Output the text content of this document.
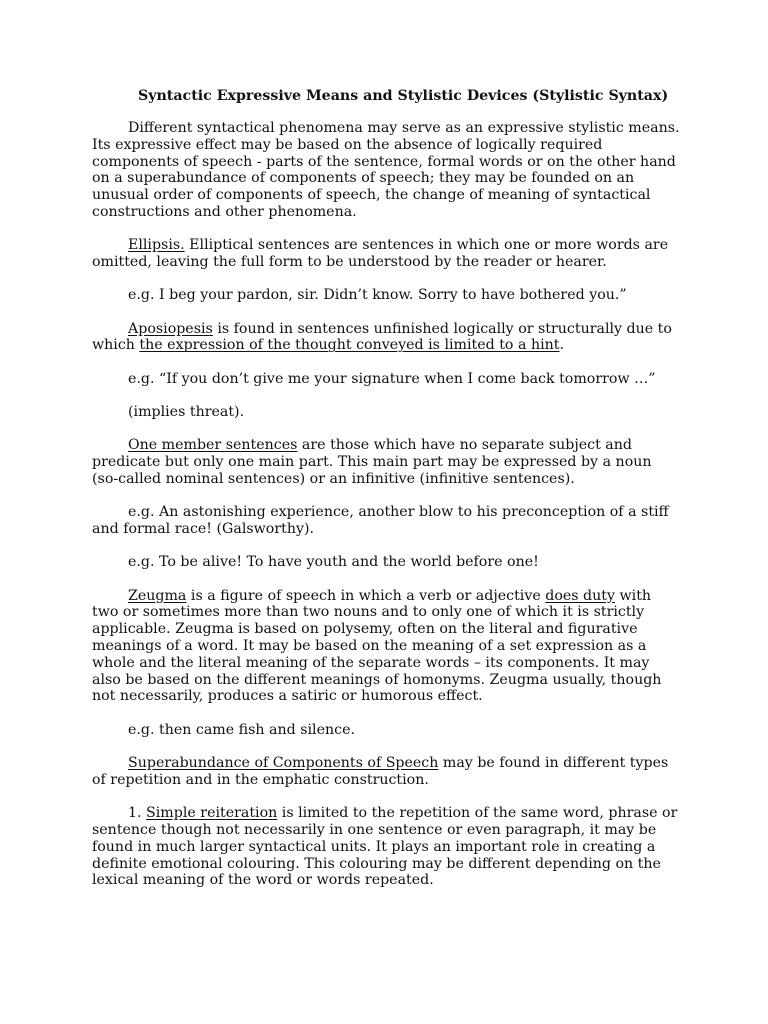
Syntactic Expressive Means and Stylistic Devices (Stylistic Syntax)

Different syntactical phenomena may serve as an expressive stylistic means. Its expressive effect may be based on the absence of logically required components of speech - parts of the sentence, formal words or on the other hand on a superabundance of components of speech; they may be founded on an unusual order of components of speech, the change of meaning of syntactical constructions and other phenomena.

Ellipsis. Elliptical sentences are sentences in which one or more words are omitted, leaving the full form to be understood by the reader or hearer.

e.g. I beg your pardon, sir. Didn’t know. Sorry to have bothered you.”

Aposiopesis is found in sentences unfinished logically or structurally due to which the expression of the thought conveyed is limited to a hint.

e.g. “If you don’t give me your signature when I come back tomorrow …”

(implies threat).

One member sentences are those which have no separate subject and predicate but only one main part. This main part may be expressed by a noun (so-called nominal sentences) or an infinitive (infinitive sentences).

e.g. An astonishing experience, another blow to his preconception of a stiff and formal race! (Galsworthy).

e.g. To be alive! To have youth and the world before one!

Zeugma is a figure of speech in which a verb or adjective does duty with two or sometimes more than two nouns and to only one of which it is strictly applicable. Zeugma is based on polysemy, often on the literal and figurative meanings of a word. It may be based on the meaning of a set expression as a whole and the literal meaning of the separate words – its components. It may also be based on the different meanings of homonyms. Zeugma usually, though not necessarily, produces a satiric or humorous effect.

e.g. then came fish and silence.

Superabundance of Components of Speech may be found in different types of repetition and in the emphatic construction.

1. Simple reiteration is limited to the repetition of the same word, phrase or sentence though not necessarily in one sentence or even paragraph, it may be found in much larger syntactical units. It plays an important role in creating a definite emotional colouring. This colouring may be different depending on the lexical meaning of the word or words repeated.
